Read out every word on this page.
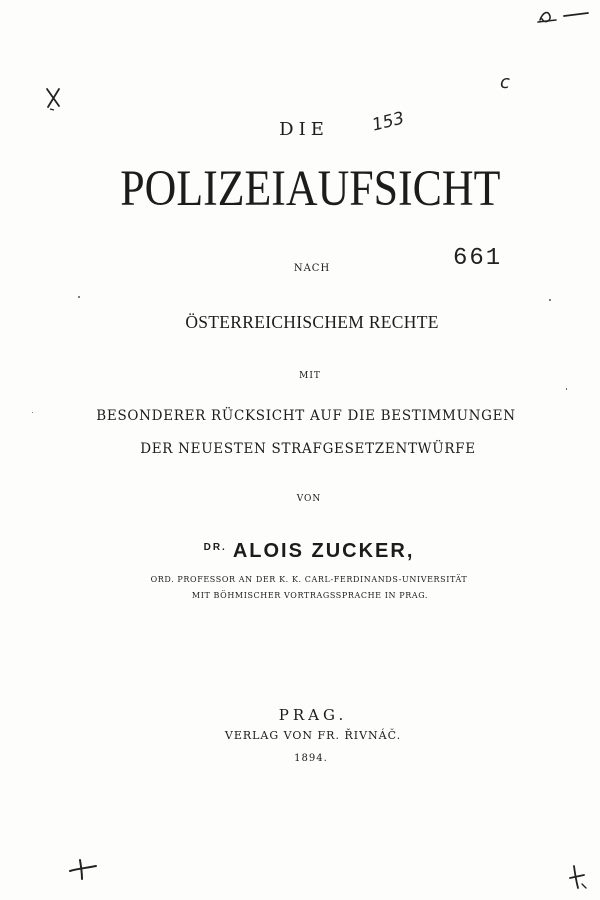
DIE
POLIZEIAUFSICHT
NACH
ÖSTERREICHISCHEM RECHTE
MIT
BESONDERER RÜCKSICHT AUF DIE BESTIMMUNGEN
DER NEUESTEN STRAFGESETZENTWÜRFE
VON
$^{DR.}$ ALOIS ZUCKER,
ORD. PROFESSOR AN DER K. K. CARL-FERDINANDS-UNIVERSITÄT
MIT BÖHMISCHER VORTRAGSSPRACHE IN PRAG.
PRAG.
VERLAG VON FR. ŘIVNÁČ.
1894.
153
661
c
